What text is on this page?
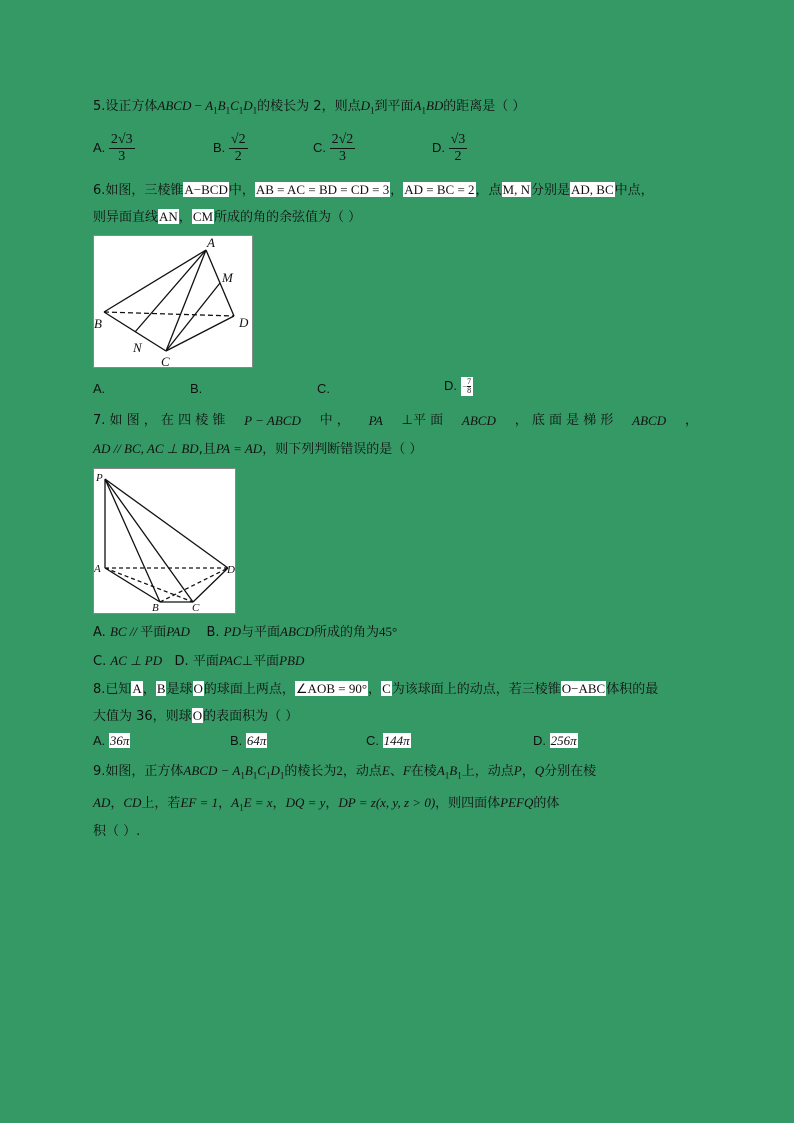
5.设正方体ABCD − $A_1B_1C_1D_1$的棱长为 2，则点$D_1$到平面$A_1BD$的距离是（ ）
A. $\frac{2√3}{3}$	B. $\frac{√2}{2}$	C. $\frac{2√2}{3}$	D. $\frac{√3}{2}$
6.如图，三棱锥A−BCD中，AB = AC = BD = CD = 3，AD = BC = 2，点M, N分别是AD, BC中点，
则异面直线AN，CM所成的角的余弦值为（ ）
A
B
C
D
M
N
A.	B.	C.	D. − $\frac{7}{8}$
7. 如 图 ， 在 四 棱 锥 P − ABCD 中 ， PA ⊥平 面 ABCD ， 底 面 是 梯 形 ABCD ，
AD // BC, AC ⊥ BD,且PA = AD，则下列判断错误的是（ ）
P
A
B	C
D
A. BC // 平面PAD B. PD与平面ABCD所成的角为45°
C. AC ⊥ PD D. 平面PAC⊥平面PBD
8.已知A，B是球O的球面上两点，∠AOB = 90°，C为该球面上的动点，若三棱锥O−ABC体积的最
大值为 36，则球O的表面积为（ ）
A. 36π	B. 64π	C. 144π	D. 256π
9.如图，正方体ABCD − $A_1B_1C_1D_1$的棱长为2，动点E、F在棱$A_1B_1$上，动点P，Q分别在棱
AD，CD上，若EF = 1，$A_1E = x$，DQ = y，DP = z(x, y, z > 0)，则四面体PEFQ的体
积（ ）.
